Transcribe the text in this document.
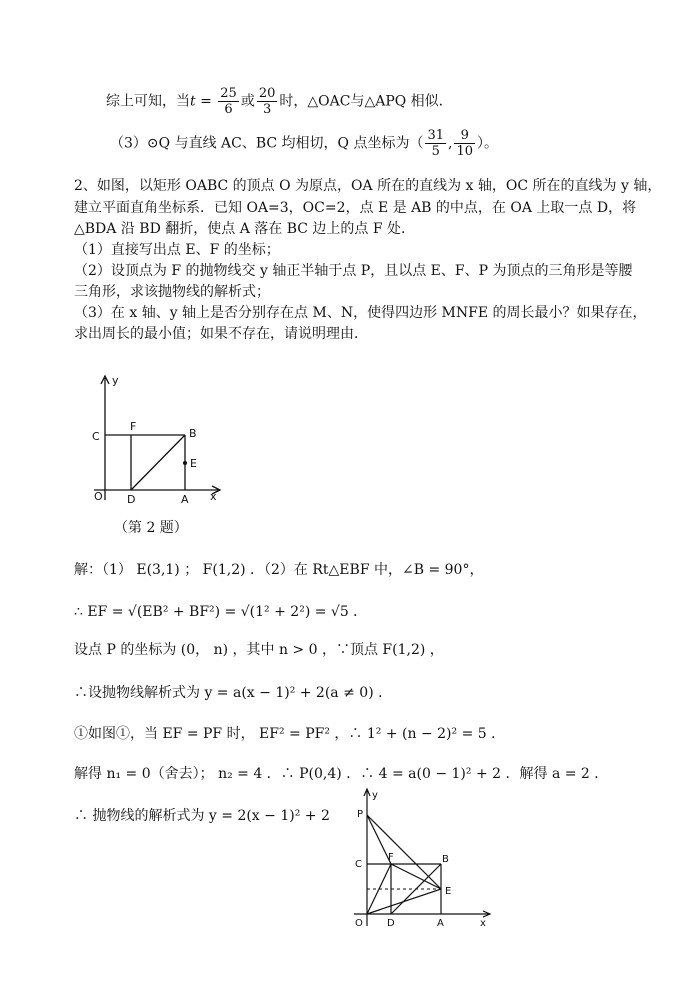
综上可知，当$t = \frac{25}{6}$ 或 $\frac{20}{3}$ 时，△OAC与△APQ 相似．
（3）⊙Q 与直线 AC、BC 均相切，Q 点坐标为（ $\frac{31}{5}$ , $\frac{9}{10}$ ）。
2、如图，以矩形 OABC 的顶点 O 为原点，OA 所在的直线为 x 轴，OC 所在的直线为 y 轴，
建立平面直角坐标系．已知 OA=3，OC=2，点 E 是 AB 的中点，在 OA 上取一点 D，将
△BDA 沿 BD 翻折，使点 A 落在 BC 边上的点 F 处．
（1）直接写出点 E、F 的坐标；
（2）设顶点为 F 的抛物线交 y 轴正半轴于点 P，且以点 E、F、P 为顶点的三角形是等腰
三角形，求该抛物线的解析式；
（3）在 x 轴、y 轴上是否分别存在点 M、N，使得四边形 MNFE 的周长最小？如果存在，
求出周长的最小值；如果不存在，请说明理由．
y
x
O
C
F
B
E
D	A
（第 2 题）
解：（1） E(3,1) ； F(1,2) ．（2）在 Rt△EBF 中，∠B = 90°，
∴ EF = √(EB² + BF²) = √(1² + 2²) = √5 ．
设点 P 的坐标为 (0， n) ，其中 n > 0 ，∵顶点 F(1,2) ，
∴设抛物线解析式为 y = a(x − 1)² + 2(a ≠ 0) ．
①如图①，当 EF = PF 时， EF² = PF² ，∴ 1² + (n − 2)² = 5 ．
解得 n₁ = 0（舍去）； n₂ = 4 ．∴ P(0,4) ．∴ 4 = a(0 − 1)² + 2 ．解得 a = 2 ．
∴ 抛物线的解析式为 y = 2(x − 1)² + 2
y
x
O
P
C
F	B
E
D	A
